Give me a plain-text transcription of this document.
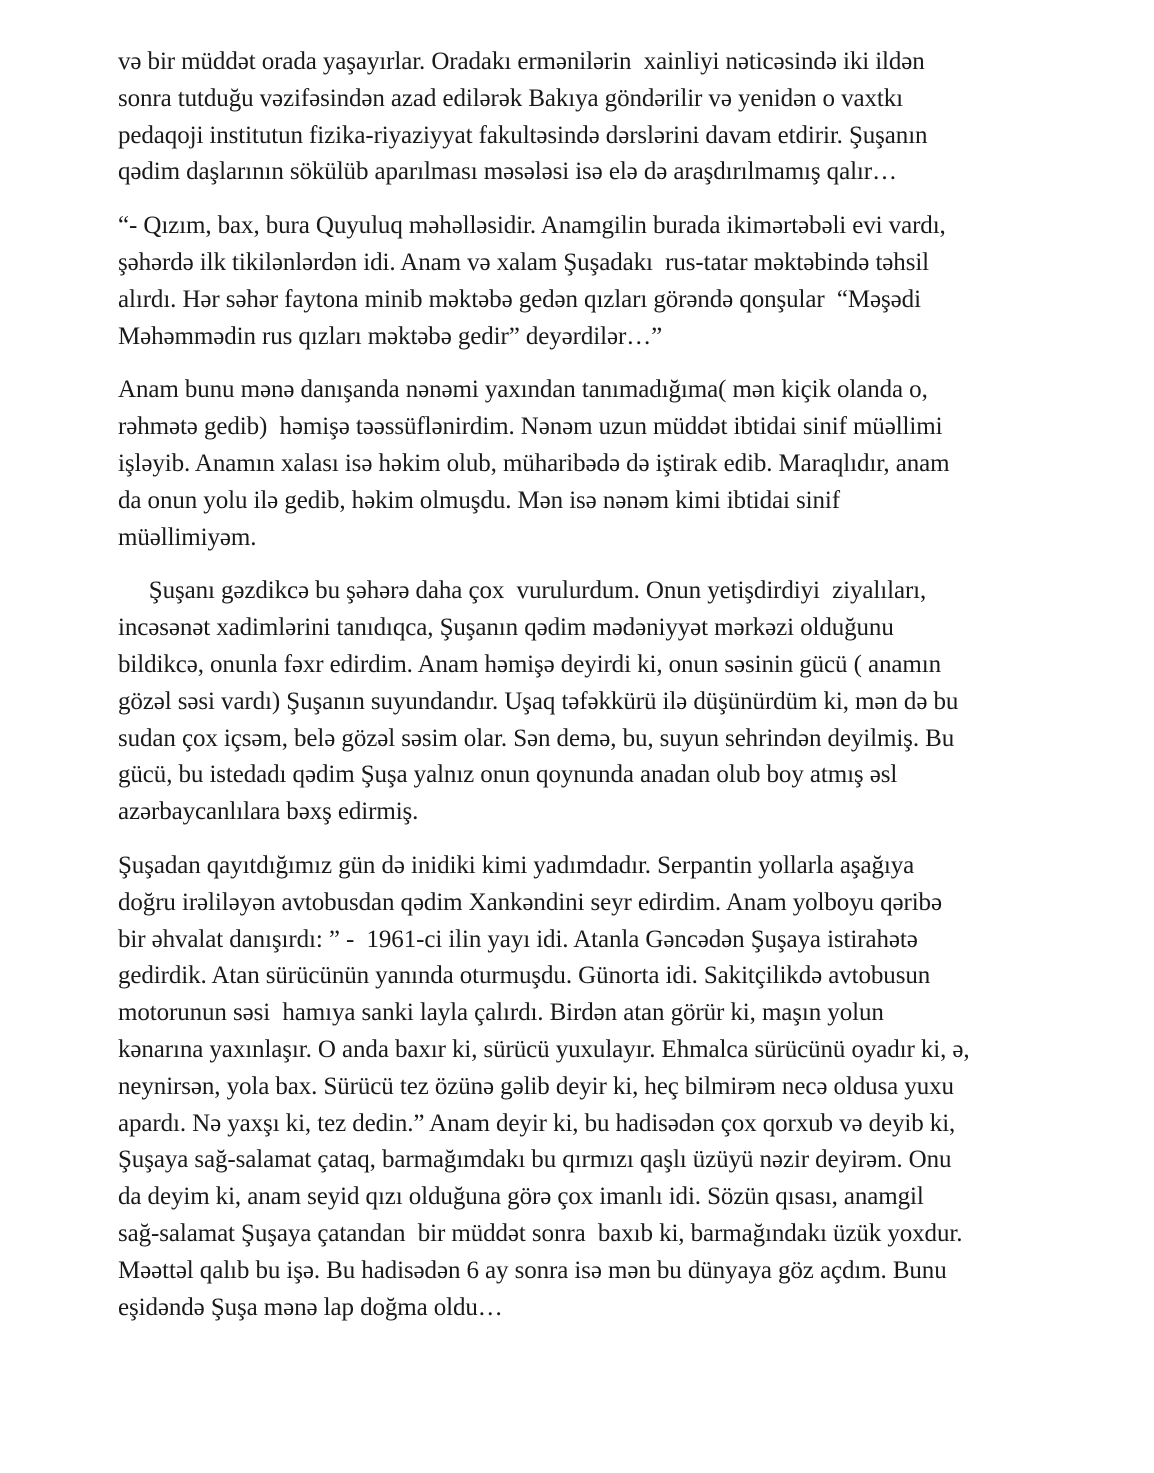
və bir müddət orada yaşayırlar. Oradakı ermənilərin  xainliyi nəticəsində iki ildən
sonra tutduğu vəzifəsindən azad edilərək Bakıya göndərilir və yenidən o vaxtkı
pedaqoji institutun fizika-riyaziyyat fakultəsində dərslərini davam etdirir. Şuşanın
qədim daşlarının sökülüb aparılması məsələsi isə elə də araşdırılmamış qalır…

“- Qızım, bax, bura Quyuluq məhəlləsidir. Anamgilin burada ikimərtəbəli evi vardı,
şəhərdə ilk tikilənlərdən idi. Anam və xalam Şuşadakı  rus-tatar məktəbində təhsil
alırdı. Hər səhər faytona minib məktəbə gedən qızları görəndə qonşular  “Məşədi
Məhəmmədin rus qızları məktəbə gedir” deyərdilər…”

Anam bunu mənə danışanda nənəmi yaxından tanımadığıma( mən kiçik olanda o,
rəhmətə gedib)  həmişə təəssüflənirdim. Nənəm uzun müddət ibtidai sinif müəllimi
işləyib. Anamın xalası isə həkim olub, müharibədə də iştirak edib. Maraqlıdır, anam
da onun yolu ilə gedib, həkim olmuşdu. Mən isə nənəm kimi ibtidai sinif
müəllimiyəm.

Şuşanı gəzdikcə bu şəhərə daha çox  vurulurdum. Onun yetişdirdiyi  ziyalıları,
incəsənət xadimlərini tanıdıqca, Şuşanın qədim mədəniyyət mərkəzi olduğunu
bildikcə, onunla fəxr edirdim. Anam həmişə deyirdi ki, onun səsinin gücü ( anamın
gözəl səsi vardı) Şuşanın suyundandır. Uşaq təfəkkürü ilə düşünürdüm ki, mən də bu
sudan çox içsəm, belə gözəl səsim olar. Sən demə, bu, suyun sehrindən deyilmiş. Bu
gücü, bu istedadı qədim Şuşa yalnız onun qoynunda anadan olub boy atmış əsl
azərbaycanlılara bəxş edirmiş.

Şuşadan qayıtdığımız gün də inidiki kimi yadımdadır. Serpantin yollarla aşağıya
doğru irəliləyən avtobusdan qədim Xankəndini seyr edirdim. Anam yolboyu qəribə
bir əhvalat danışırdı: ” -  1961-ci ilin yayı idi. Atanla Gəncədən Şuşaya istirahətə
gedirdik. Atan sürücünün yanında oturmuşdu. Günorta idi. Sakitçilikdə avtobusun
motorunun səsi  hamıya sanki layla çalırdı. Birdən atan görür ki, maşın yolun
kənarına yaxınlaşır. O anda baxır ki, sürücü yuxulayır. Ehmalca sürücünü oyadır ki, ə,
neynirsən, yola bax. Sürücü tez özünə gəlib deyir ki, heç bilmirəm necə oldusa yuxu
apardı. Nə yaxşı ki, tez dedin.” Anam deyir ki, bu hadisədən çox qorxub və deyib ki,
Şuşaya sağ-salamat çataq, barmağımdakı bu qırmızı qaşlı üzüyü nəzir deyirəm. Onu
da deyim ki, anam seyid qızı olduğuna görə çox imanlı idi. Sözün qısası, anamgil
sağ-salamat Şuşaya çatandan  bir müddət sonra  baxıb ki, barmağındakı üzük yoxdur.
Məəttəl qalıb bu işə. Bu hadisədən 6 ay sonra isə mən bu dünyaya göz açdım. Bunu
eşidəndə Şuşa mənə lap doğma oldu…
